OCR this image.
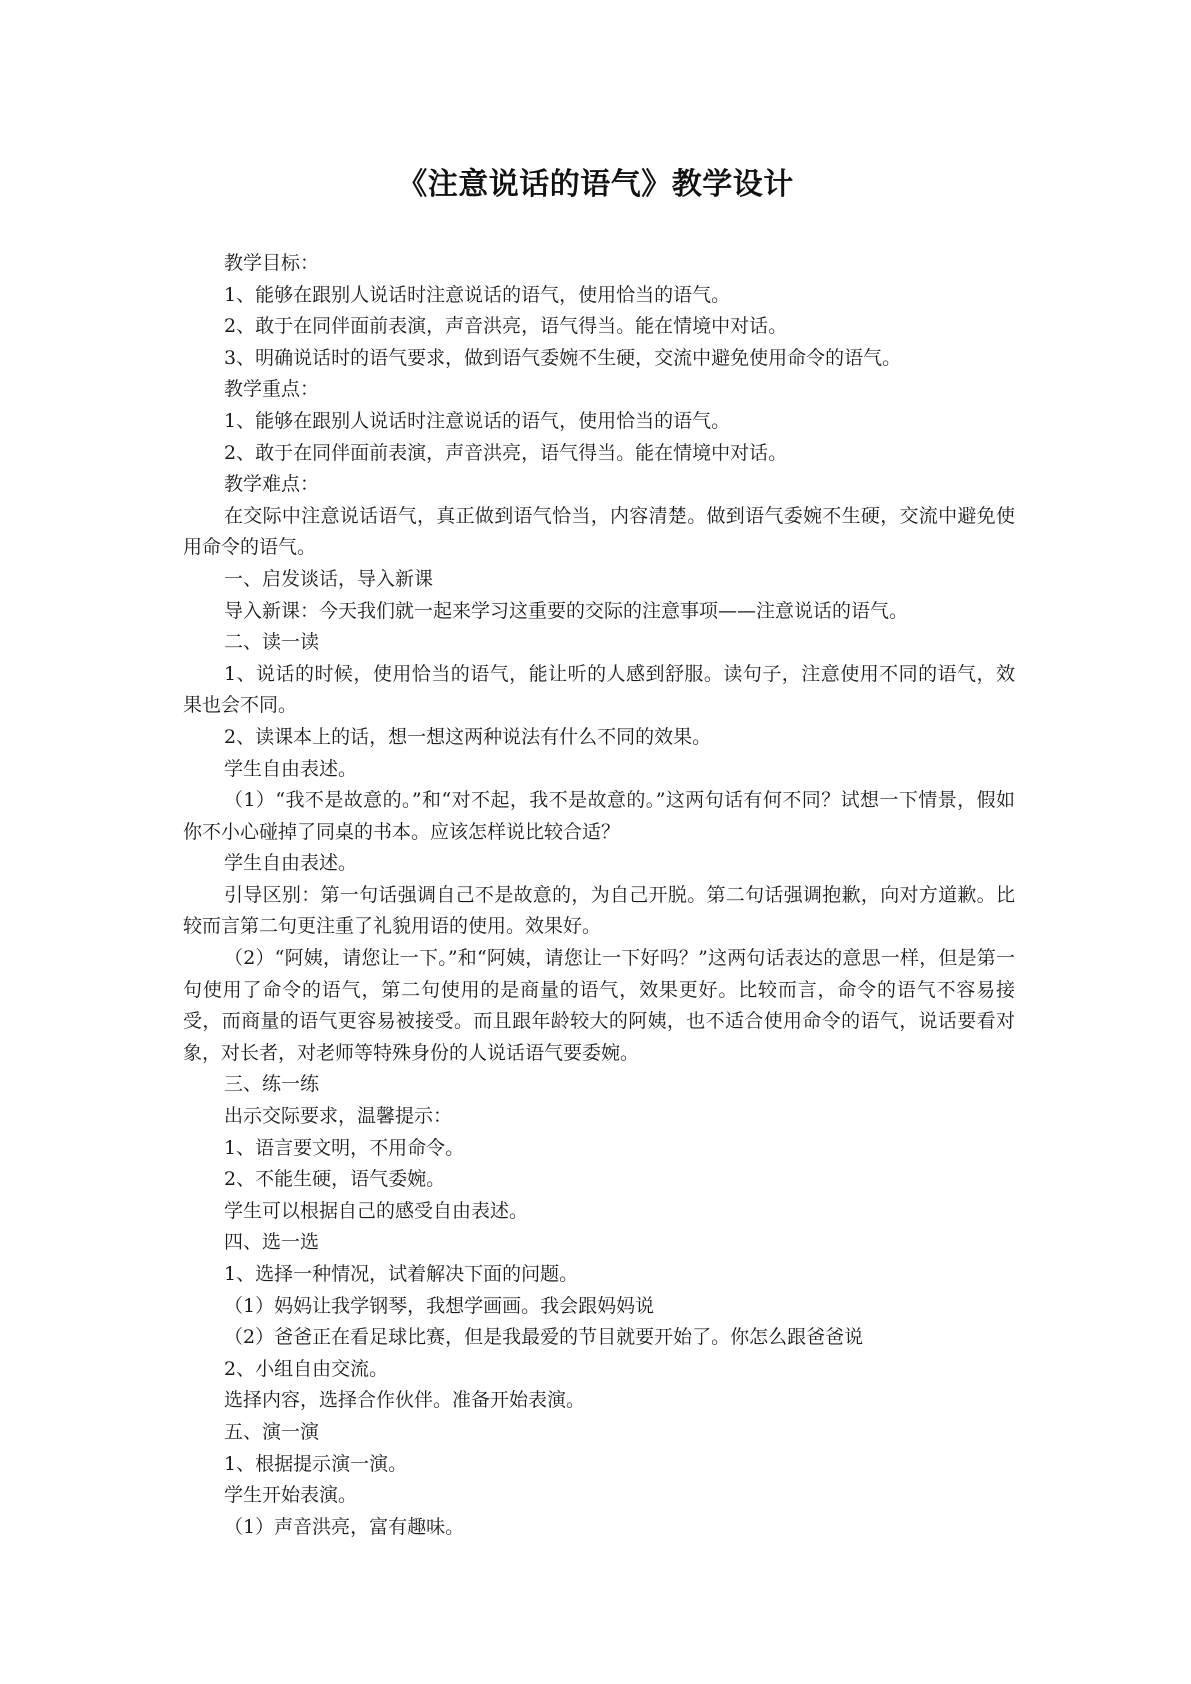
《注意说话的语气》教学设计

教学目标：

1、能够在跟别人说话时注意说话的语气，使用恰当的语气。

2、敢于在同伴面前表演，声音洪亮，语气得当。能在情境中对话。

3、明确说话时的语气要求，做到语气委婉不生硬，交流中避免使用命令的语气。

教学重点：

1、能够在跟别人说话时注意说话的语气，使用恰当的语气。

2、敢于在同伴面前表演，声音洪亮，语气得当。能在情境中对话。

教学难点：

在交际中注意说话语气，真正做到语气恰当，内容清楚。做到语气委婉不生硬，交流中避免使用命令的语气。

一、启发谈话，导入新课

导入新课：今天我们就一起来学习这重要的交际的注意事项——注意说话的语气。

二、读一读

1、说话的时候，使用恰当的语气，能让听的人感到舒服。读句子，注意使用不同的语气，效果也会不同。

2、读课本上的话，想一想这两种说法有什么不同的效果。

学生自由表述。

（1）“我不是故意的。”和“对不起，我不是故意的。”这两句话有何不同？试想一下情景，假如你不小心碰掉了同桌的书本。应该怎样说比较合适？

学生自由表述。

引导区别：第一句话强调自己不是故意的，为自己开脱。第二句话强调抱歉，向对方道歉。比较而言第二句更注重了礼貌用语的使用。效果好。

（2）“阿姨，请您让一下。”和“阿姨，请您让一下好吗？”这两句话表达的意思一样，但是第一句使用了命令的语气，第二句使用的是商量的语气，效果更好。比较而言，命令的语气不容易接受，而商量的语气更容易被接受。而且跟年龄较大的阿姨，也不适合使用命令的语气，说话要看对象，对长者，对老师等特殊身份的人说话语气要委婉。

三、练一练

出示交际要求，温馨提示：

1、语言要文明，不用命令。

2、不能生硬，语气委婉。

学生可以根据自己的感受自由表述。

四、选一选

1、选择一种情况，试着解决下面的问题。

（1）妈妈让我学钢琴，我想学画画。我会跟妈妈说

（2）爸爸正在看足球比赛，但是我最爱的节目就要开始了。你怎么跟爸爸说

2、小组自由交流。

选择内容，选择合作伙伴。准备开始表演。

五、演一演

1、根据提示演一演。

学生开始表演。

（1）声音洪亮，富有趣味。
